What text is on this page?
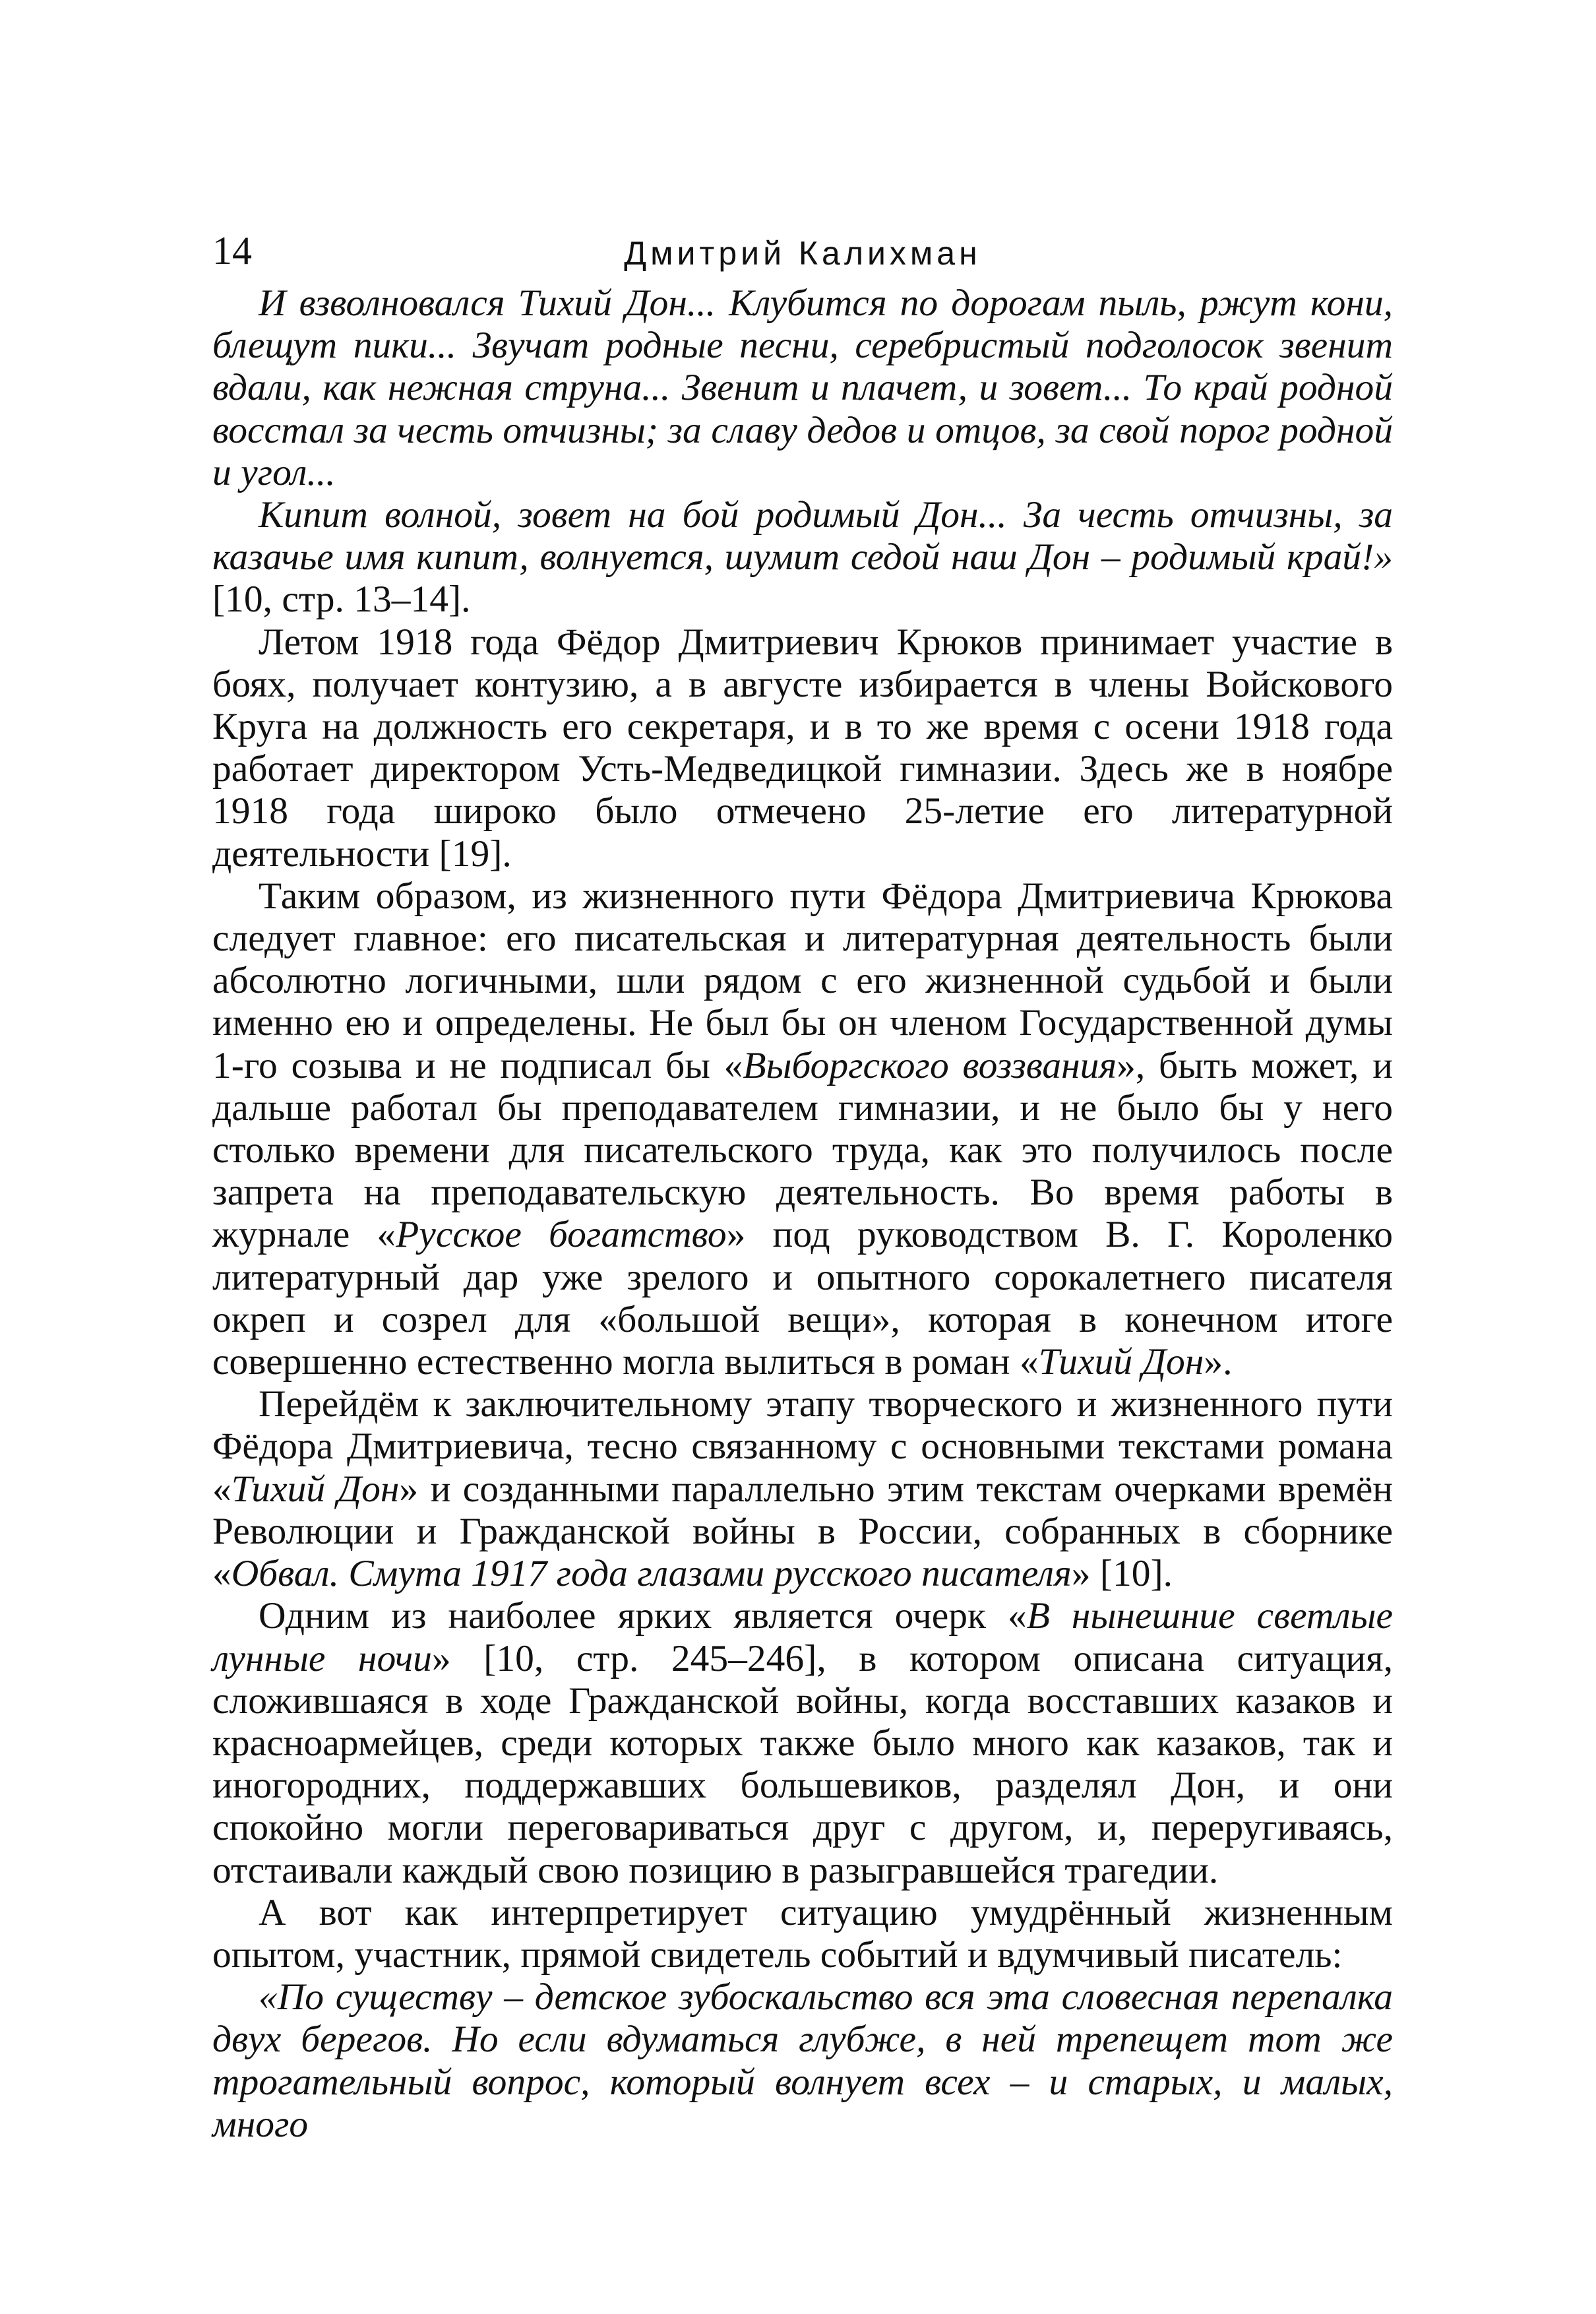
14	Дмитрий Калихман

И взволновался Тихий Дон... Клубится по дорогам пыль, ржут кони, блещут пики... Звучат родные песни, серебристый подголосок звенит вдали, как нежная струна... Звенит и плачет, и зовет... То край родной восстал за честь отчизны; за славу дедов и отцов, за свой порог родной и угол...

Кипит волной, зовет на бой родимый Дон... За честь отчизны, за казачье имя кипит, волнуется, шумит седой наш Дон – родимый край!» [10, стр. 13–14].

Летом 1918 года Фёдор Дмитриевич Крюков принимает участие в боях, получает контузию, а в августе избирается в члены Войскового Круга на должность его секретаря, и в то же время с осени 1918 года работает директором Усть-Медведицкой гимназии. Здесь же в ноябре 1918 года широко было отмечено 25-летие его литературной деятельности [19].

Таким образом, из жизненного пути Фёдора Дмитриевича Крюкова следует главное: его писательская и литературная деятельность были абсолютно логичными, шли рядом с его жизненной судьбой и были именно ею и определены. Не был бы он членом Государственной думы 1-го созыва и не подписал бы «Выборгского воззвания», быть может, и дальше работал бы преподавателем гимназии, и не было бы у него столько времени для писательского труда, как это получилось после запрета на преподавательскую деятельность. Во время работы в журнале «Русское богатство» под руководством В. Г. Короленко литературный дар уже зрелого и опытного сорокалетнего писателя окреп и созрел для «большой вещи», которая в конечном итоге совершенно естественно могла вылиться в роман «Тихий Дон».

Перейдём к заключительному этапу творческого и жизненного пути Фёдора Дмитриевича, тесно связанному с основными текстами романа «Тихий Дон» и созданными параллельно этим текстам очерками времён Революции и Гражданской войны в России, собранных в сборнике «Обвал. Смута 1917 года глазами русского писателя» [10].

Одним из наиболее ярких является очерк «В нынешние светлые лунные ночи» [10, стр. 245–246], в котором описана ситуация, сложившаяся в ходе Гражданской войны, когда восставших казаков и красноармейцев, среди которых также было много как казаков, так и иногородних, поддержавших большевиков, разделял Дон, и они спокойно могли переговариваться друг с другом, и, переругиваясь, отстаивали каждый свою позицию в разыгравшейся трагедии.

А вот как интерпретирует ситуацию умудрённый жизненным опытом, участник, прямой свидетель событий и вдумчивый писатель:

«По существу – детское зубоскальство вся эта словесная перепалка двух берегов. Но если вдуматься глубже, в ней трепещет тот же трогательный вопрос, который волнует всех – и старых, и малых, много
